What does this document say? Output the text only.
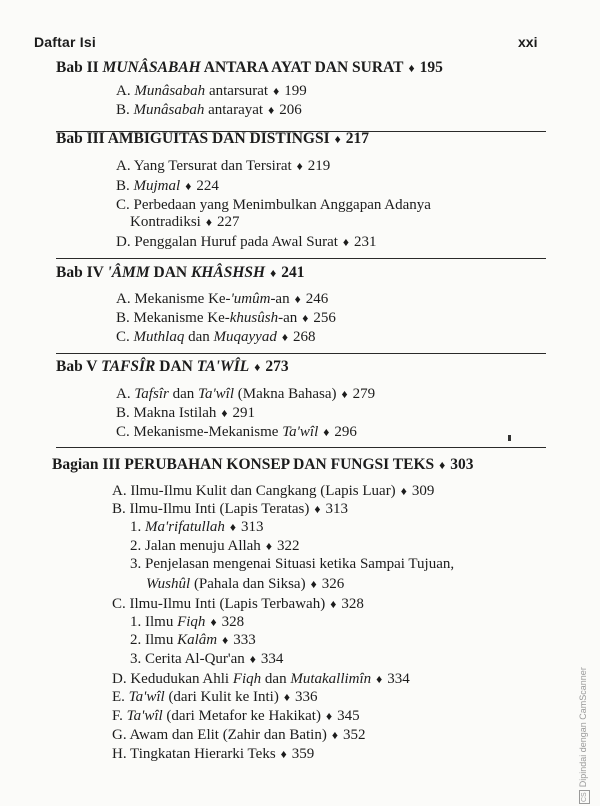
Daftar Isi	xxi
Bab II MUNÂSABAH ANTARA AYAT DAN SURAT ♦ 195
A. Munâsabah antarsurat ♦ 199
B. Munâsabah antarayat ♦ 206
Bab III AMBIGUITAS DAN DISTINGSI ♦ 217
A. Yang Tersurat dan Tersirat ♦ 219
B. Mujmal ♦ 224
C. Perbedaan yang Menimbulkan Anggapan Adanya
Kontradiksi ♦ 227
D. Penggalan Huruf pada Awal Surat ♦ 231
Bab IV 'ÂMM DAN KHÂSHSH ♦ 241
A. Mekanisme Ke-'umûm-an ♦ 246
B. Mekanisme Ke-khusûsh-an ♦ 256
C. Muthlaq dan Muqayyad ♦ 268
Bab V TAFSÎR DAN TA'WÎL ♦ 273
A. Tafsîr dan Ta'wîl (Makna Bahasa) ♦ 279
B. Makna Istilah ♦ 291
C. Mekanisme-Mekanisme Ta'wîl ♦ 296
Bagian III PERUBAHAN KONSEP DAN FUNGSI TEKS ♦ 303
A. Ilmu-Ilmu Kulit dan Cangkang (Lapis Luar) ♦ 309
B. Ilmu-Ilmu Inti (Lapis Teratas) ♦ 313
1. Ma'rifatullah ♦ 313
2. Jalan menuju Allah ♦ 322
3. Penjelasan mengenai Situasi ketika Sampai Tujuan,
Wushûl (Pahala dan Siksa) ♦ 326
C. Ilmu-Ilmu Inti (Lapis Terbawah) ♦ 328
1. Ilmu Fiqh ♦ 328
2. Ilmu Kalâm ♦ 333
3. Cerita Al-Qur'an ♦ 334
D. Kedudukan Ahli Fiqh dan Mutakallimîn ♦ 334
E. Ta'wîl (dari Kulit ke Inti) ♦ 336
F. Ta'wîl (dari Metafor ke Hakikat) ♦ 345
G. Awam dan Elit (Zahir dan Batin) ♦ 352
H. Tingkatan Hierarki Teks ♦ 359
CSDipindai dengan CamScanner
